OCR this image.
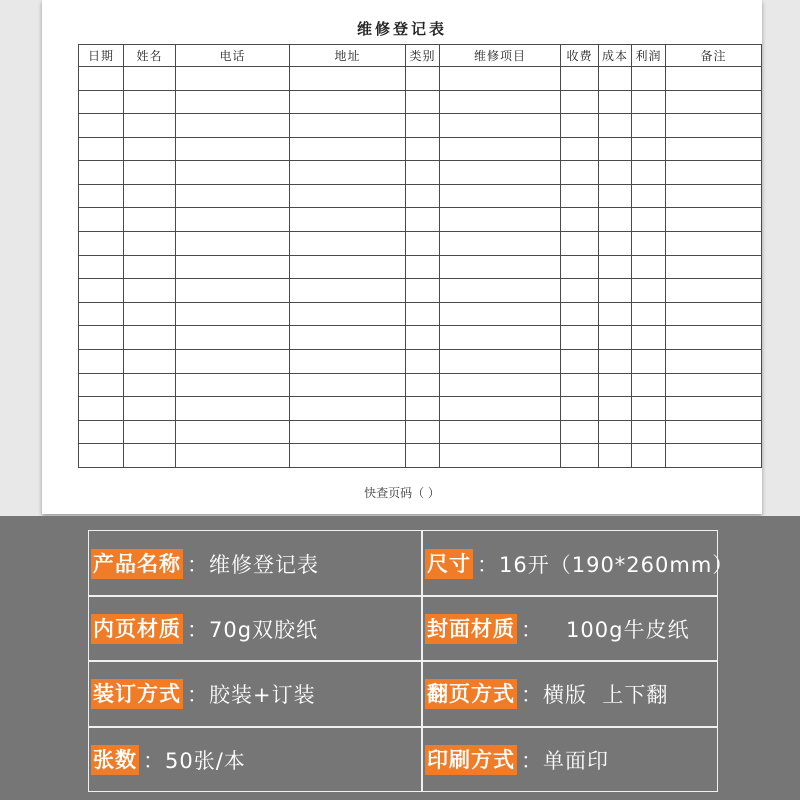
维修登记表
日期	姓名	电话	地址	类别	维修项目	收费	成本	利润	备注

快查页码（ ）
产品名称 ：维修登记表	尺寸 ：16开（190*260mm）
内页材质 ：70g双胶纸	封面材质 ：   100g牛皮纸
装订方式 ：胶装+订装	翻页方式 ：横版  上下翻
张数 ：50张/本	印刷方式 ：单面印
